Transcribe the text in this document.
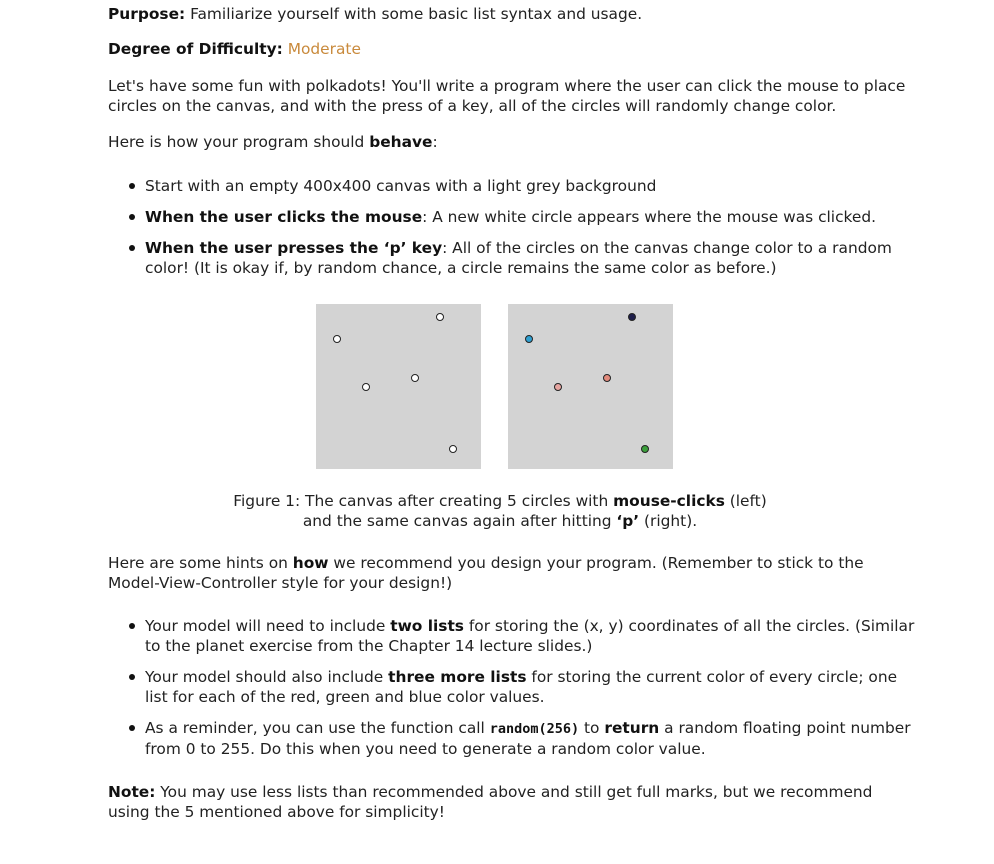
Purpose: Familiarize yourself with some basic list syntax and usage.

Degree of Difficulty: Moderate

Let's have some fun with polkadots! You'll write a program where the user can click the mouse to place circles on the canvas, and with the press of a key, all of the circles will randomly change color.

Here is how your program should behave:

Start with an empty 400x400 canvas with a light grey background
When the user clicks the mouse: A new white circle appears where the mouse was clicked.
When the user presses the ‘p’ key: All of the circles on the canvas change color to a random color! (It is okay if, by random chance, a circle remains the same color as before.)

Figure 1: The canvas after creating 5 circles with mouse-clicks (left)

and the same canvas again after hitting ‘p’ (right).

Here are some hints on how we recommend you design your program. (Remember to stick to the Model-View-Controller style for your design!)

Your model will need to include two lists for storing the (x, y) coordinates of all the circles. (Similar to the planet exercise from the Chapter 14 lecture slides.)
Your model should also include three more lists for storing the current color of every circle; one list for each of the red, green and blue color values.
As a reminder, you can use the function call random(256) to return a random floating point number from 0 to 255. Do this when you need to generate a random color value.

Note: You may use less lists than recommended above and still get full marks, but we recommend using the 5 mentioned above for simplicity!
